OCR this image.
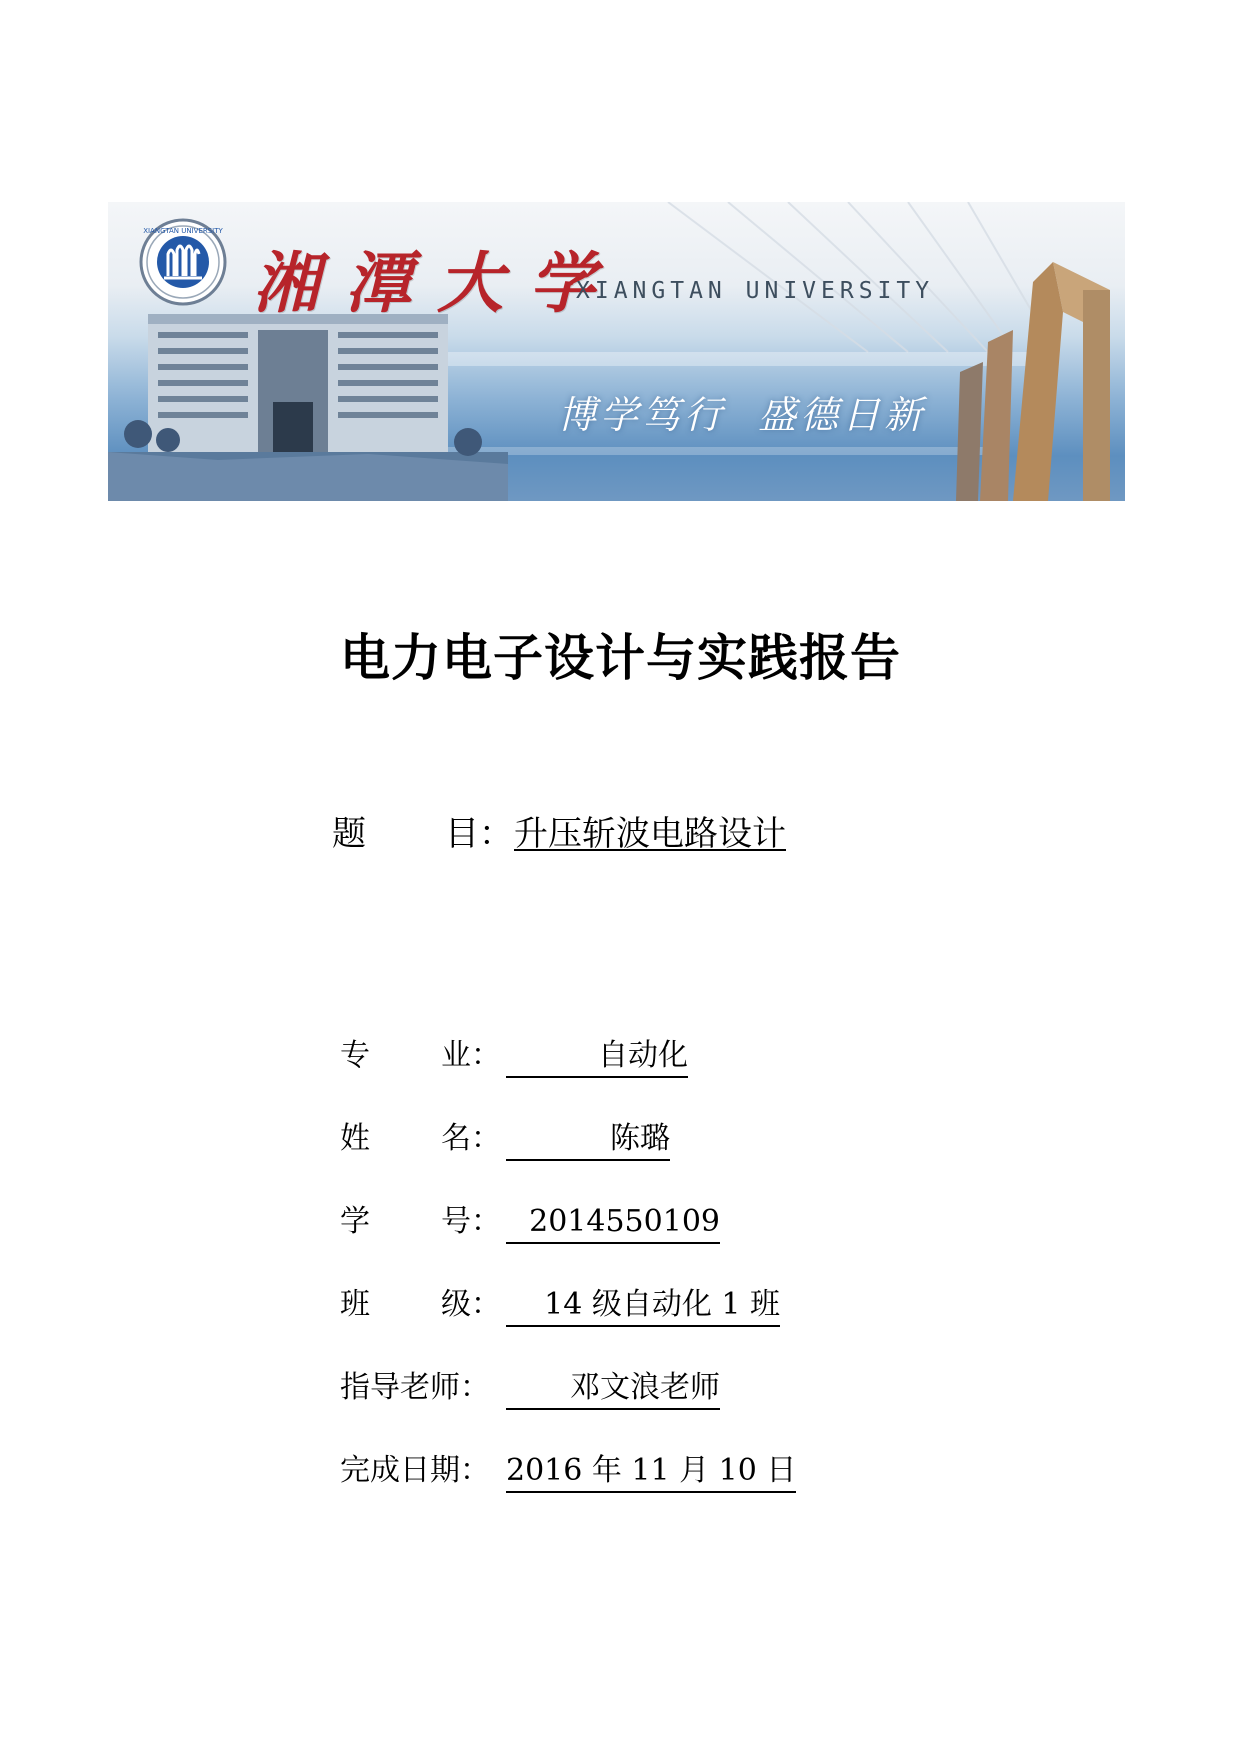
XIANGTAN UNIVERSITY
湘潭大学
XIANGTAN UNIVERSITY
博学笃行  盛德日新
电力电子设计与实践报告
题 目：升压斩波电路设计
专 业：	自动化
姓 名：	陈璐
学 号： 2014550109
班 级： 14 级自动化 1 班
指导老师：	邓文浪老师
完成日期： 2016 年 11 月 10 日
